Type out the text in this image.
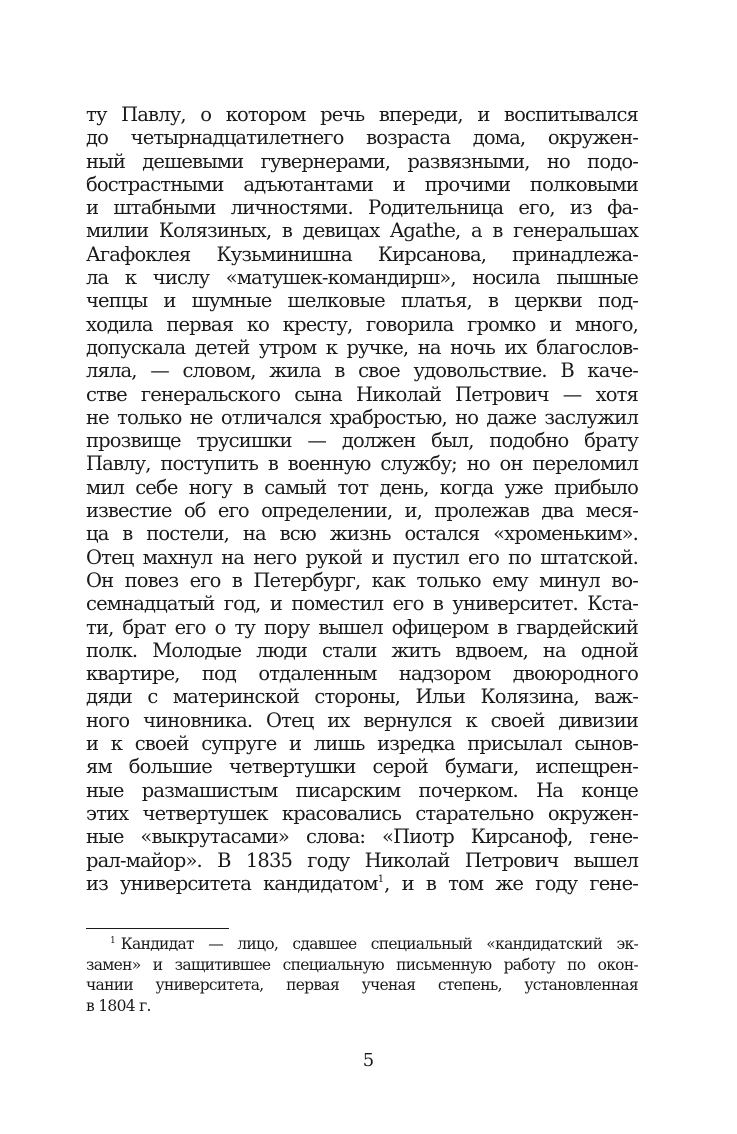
ту Павлу, о котором речь впереди, и воспитывался
до четырнадцатилетнего возраста дома, окружен-
ный дешевыми гувернерами, развязными, но подо-
бострастными адъютантами и прочими полковыми
и штабными личностями. Родительница его, из фа-
милии Колязиных, в девицах Agathe, а в генеральшах
Агафоклея Кузьминишна Кирсанова, принадлежа-
ла к числу «матушек-командирш», носила пышные
чепцы и шумные шелковые платья, в церкви под-
ходила первая ко кресту, говорила громко и много,
допускала детей утром к ручке, на ночь их благослов-
ляла, — словом, жила в свое удовольствие. В каче-
стве генеральского сына Николай Петрович — хотя
не только не отличался храбростью, но даже заслужил
прозвище трусишки — должен был, подобно брату
Павлу, поступить в военную службу; но он переломил
мил себе ногу в самый тот день, когда уже прибыло
известие об его определении, и, пролежав два меся-
ца в постели, на всю жизнь остался «хроменьким».
Отец махнул на него рукой и пустил его по штатской.
Он повез его в Петербург, как только ему минул во-
семнадцатый год, и поместил его в университет. Кста-
ти, брат его о ту пору вышел офицером в гвардейский
полк. Молодые люди стали жить вдвоем, на одной
квартире, под отдаленным надзором двоюродного
дяди с материнской стороны, Ильи Колязина, важ-
ного чиновника. Отец их вернулся к своей дивизии
и к своей супруге и лишь изредка присылал сынов-
ям большие четвертушки серой бумаги, испещрен-
ные размашистым писарским почерком. На конце
этих четвертушек красовались старательно окружен-
ные «выкрутасами» слова: «Пиотр Кирсаноф, гене-
рал-майор». В 1835 году Николай Петрович вышел
из университета кандидатом$^1$, и в том же году гене-
$^1$ Кандидат — лицо, сдавшее специальный «кандидатский эк-
замен» и защитившее специальную письменную работу по окон-
чании университета, первая ученая степень, установленная
в 1804 г.
5
